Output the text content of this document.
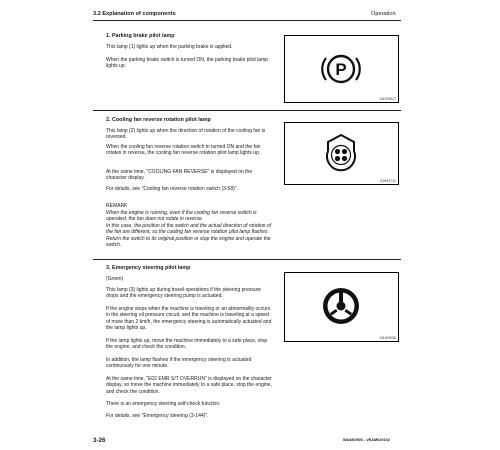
3.2 Explanation of components	Operation
1. Parking brake pilot lamp

This lamp (1) lights up when the parking brake is applied.

When the parking brake switch is turned ON, the parking brake pilot lamp lights up.	P
9JH03517
2. Cooling fan reverse rotation pilot lamp

This lamp (2) lights up when the direction of rotation of the cooling fan is reversed.

When the cooling fan reverse rotation switch in turned ON and the fan rotates in reverse, the cooling fan reverse rotation pilot lamp lights up.

At the same time, "COOLING FAN REVERSE" is displayed on the character display.

For details, see "Cooling fan reverse rotation switch (3-58)".

9JH03711
REMARK

When the engine is running, even if the cooling fan reverse switch is operated, the fan does not rotate in reverse.

In this case, the position of the switch and the actual direction of rotation of the fan are different, so the cooling fan reverse rotation pilot lamp flashes. Return the switch to its original position or stop the engine and operate the switch.

3. Emergency steering pilot lamp

(Green)

This lamp (3) lights up during travel operations if the steering pressure drops and the emergency steering pump is actuated.

If the engine stops when the machine is traveling or an abnormality occurs in the steering oil pressure circuit, and the machine is traveling at a speed of more than 2 km/h, the emergency steering is automatically actuated and the lamp lights up.

If the lamp lights up, move the machine immediately to a safe place, stop the engine, and check the condition.

In addition, the lamp flashes if the emergency steering is actuated continuously for one minute.

At the same time, "E02 EMR S/T OVERRUN" is displayed on the character display, so move the machine immediately to a safe place, stop the engine, and check the condition.

There is an emergency steering self-check function.

For details, see "Emergency steering (3-144)".

9JH03056
3-26	WA480/500 - VEAM620102
